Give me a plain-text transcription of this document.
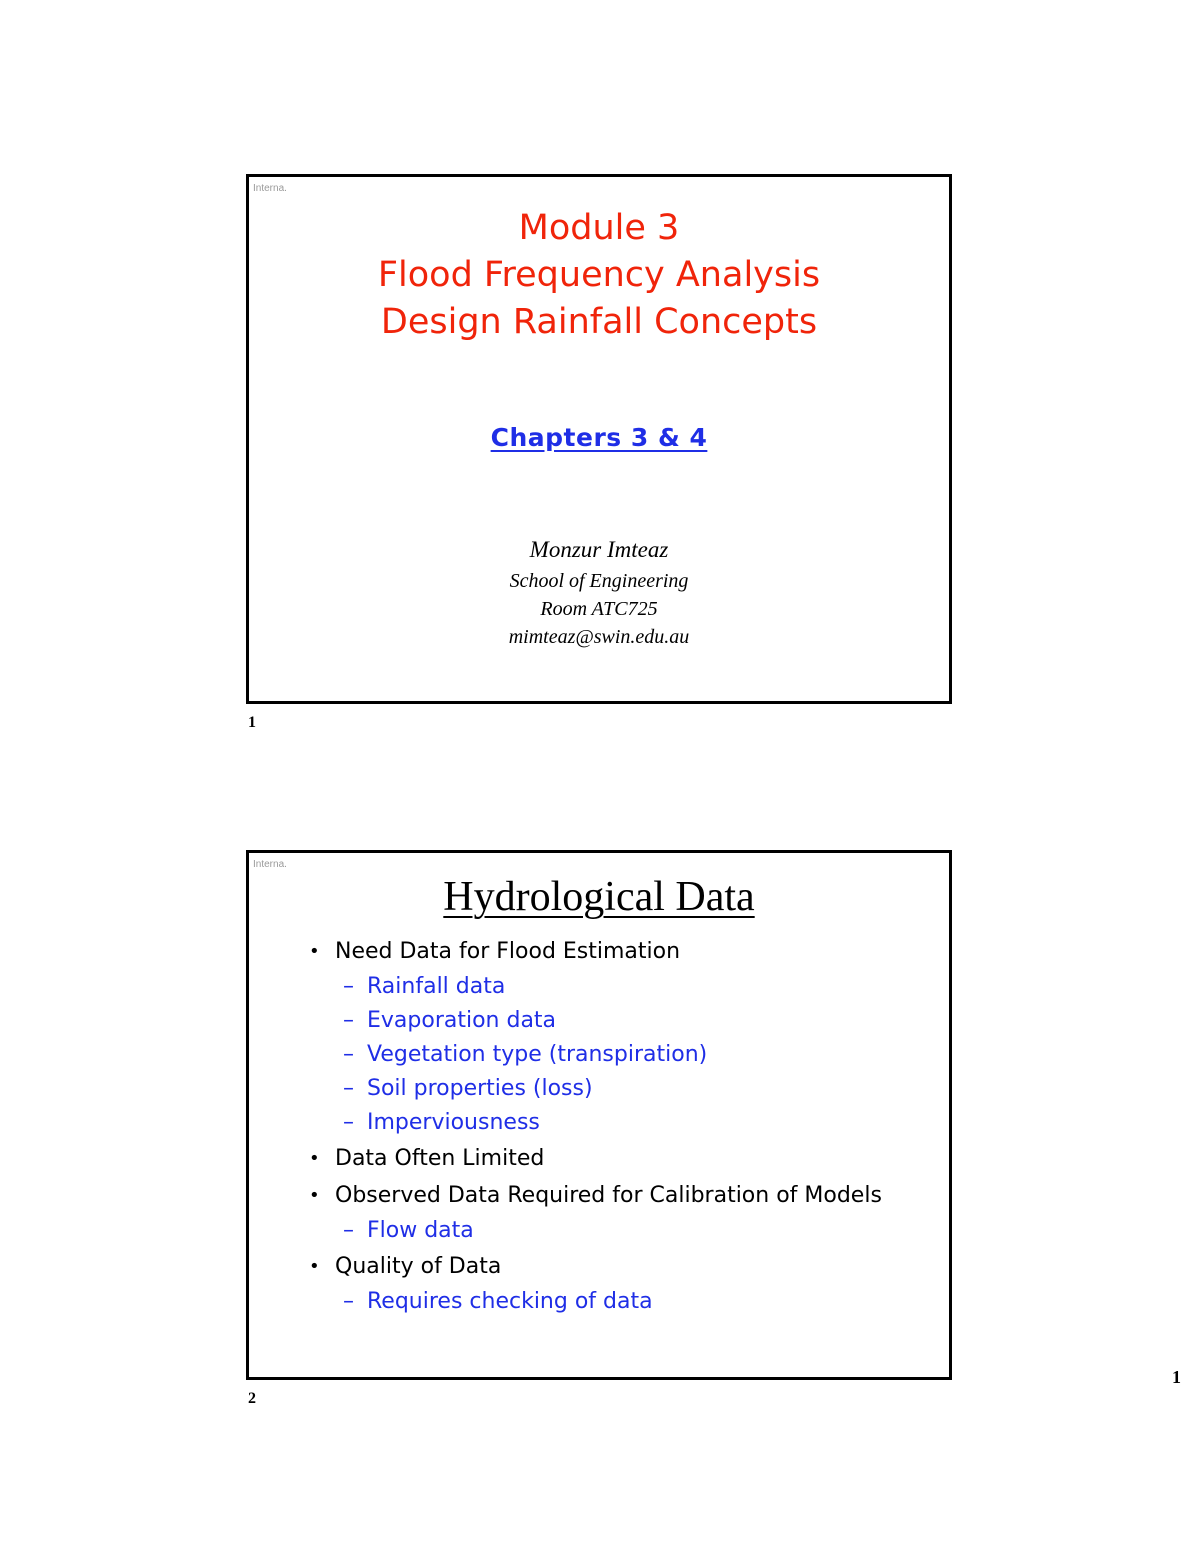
Interna.
Module 3
Flood Frequency Analysis
Design Rainfall Concepts
Chapters 3 & 4
Monzur Imteaz
School of Engineering
Room ATC725
mimteaz@swin.edu.au
1
Interna.
Hydrological Data
• Need Data for Flood Estimation
– Rainfall data
– Evaporation data
– Vegetation type (transpiration)
– Soil properties (loss)
– Imperviousness
• Data Often Limited
• Observed Data Required for Calibration of Models
– Flow data
• Quality of Data
– Requires checking of data
2
1
